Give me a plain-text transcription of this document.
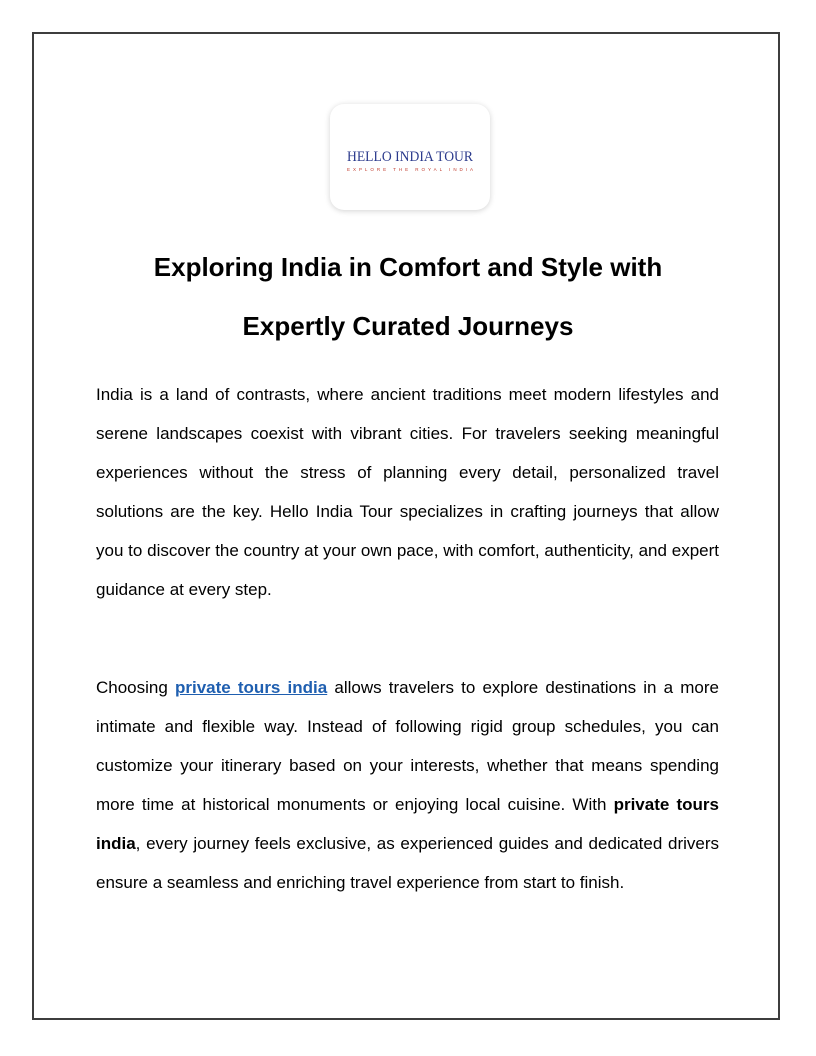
HELLO INDIA TOUR
EXPLORE THE ROYAL INDIA
Exploring India in Comfort and Style with
Expertly Curated Journeys

India is a land of contrasts, where ancient traditions meet modern lifestyles and serene landscapes coexist with vibrant cities. For travelers seeking meaningful experiences without the stress of planning every detail, personalized travel solutions are the key. Hello India Tour specializes in crafting journeys that allow you to discover the country at your own pace, with comfort, authenticity, and expert guidance at every step.

Choosing private tours india allows travelers to explore destinations in a more intimate and flexible way. Instead of following rigid group schedules, you can customize your itinerary based on your interests, whether that means spending more time at historical monuments or enjoying local cuisine. With private tours india, every journey feels exclusive, as experienced guides and dedicated drivers ensure a seamless and enriching travel experience from start to finish.
